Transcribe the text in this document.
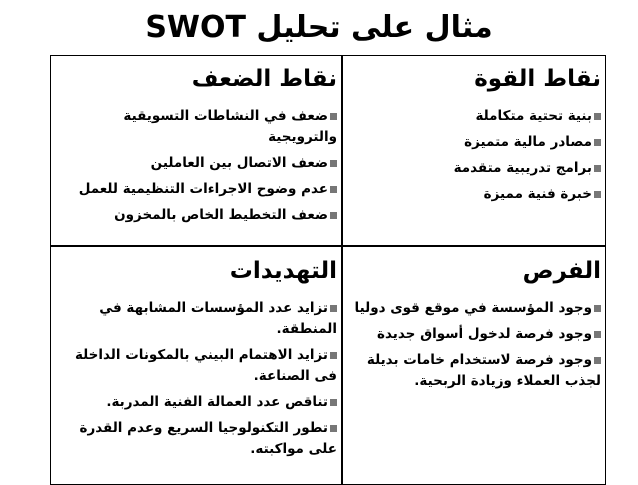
مثال على تحليل SWOT
نقاط القوة
بنية تحتية متكاملة
مصادر مالية متميزة
برامج تدريبية متقدمة
خبرة فنية مميزة
نقاط الضعف
ضعف في النشاطات التسويقية والترويجية
ضعف الاتصال بين العاملين
عدم وضوح الاجراءات التنظيمية للعمل
ضعف التخطيط الخاص بالمخزون
الفرص
وجود المؤسسة في موقع قوى دوليا
وجود فرصة لدخول أسواق جديدة
وجود فرصة لاستخدام خامات بديلة لجذب العملاء وزيادة الربحية.
التهديدات
تزايد عدد المؤسسات المشابهة في المنطقة.
تزايد الاهتمام البيني بالمكونات الداخلة فى الصناعة.
تناقص عدد العمالة الفنية المدربة.
تطور التكنولوجيا السريع وعدم القدرة على مواكبته.
